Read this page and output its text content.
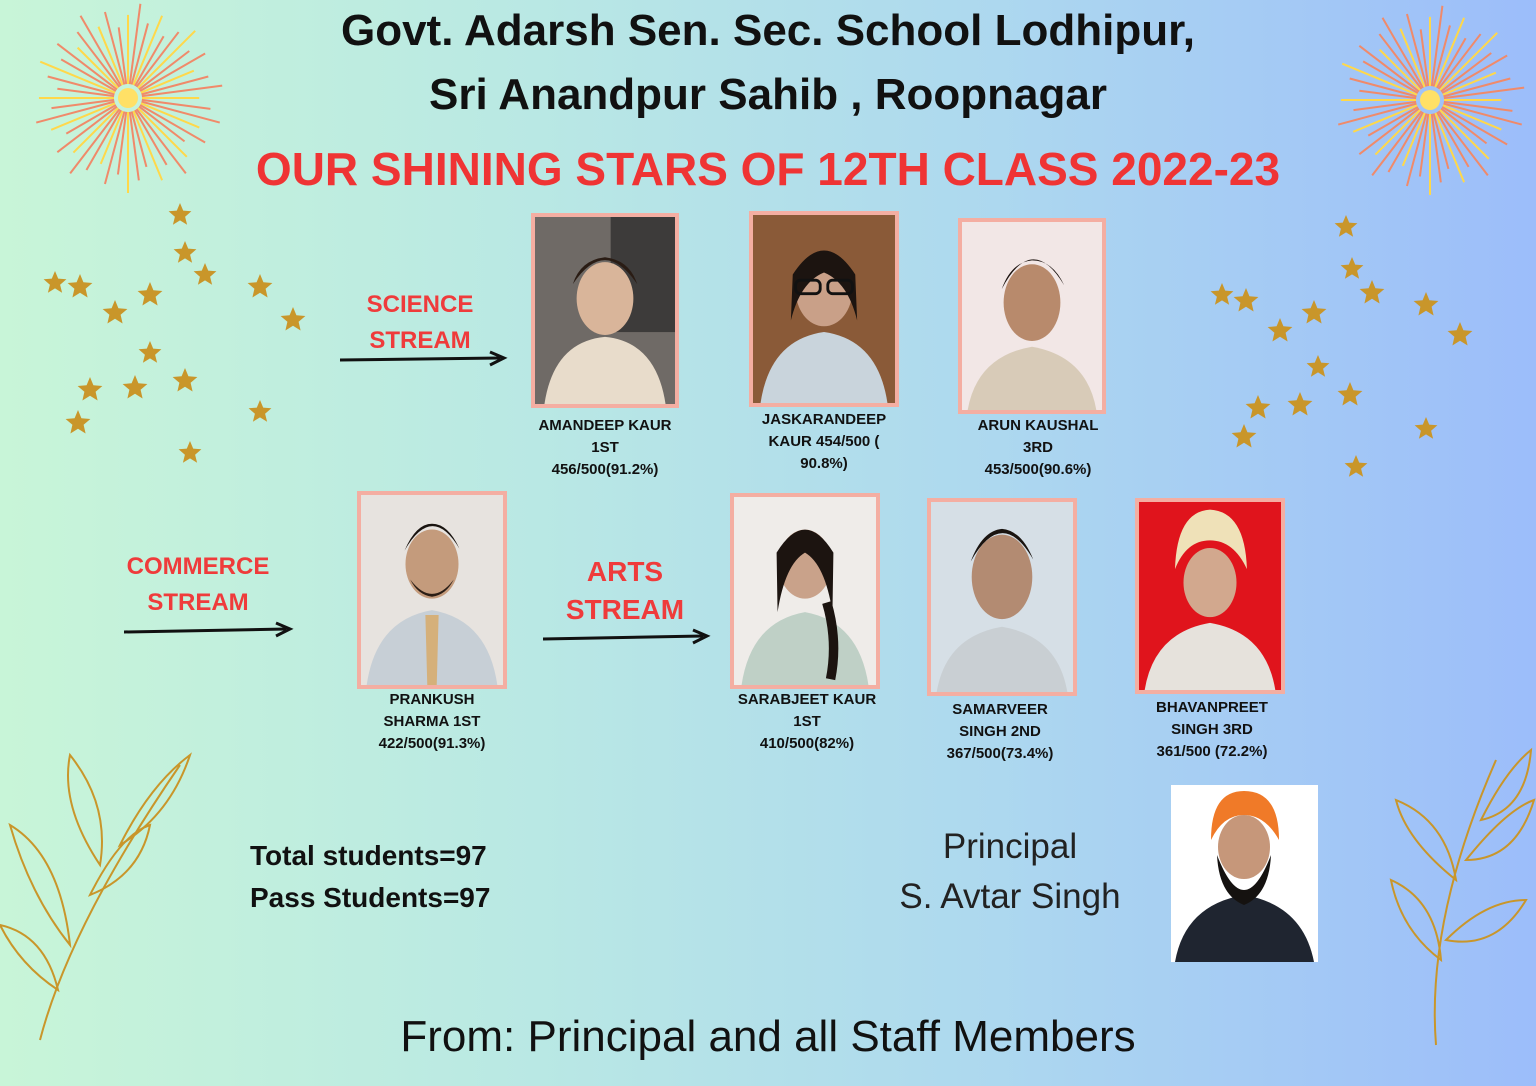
Govt. Adarsh Sen. Sec. School Lodhipur,
Sri Anandpur Sahib , Roopnagar
OUR SHINING STARS OF 12TH CLASS 2022-23
SCIENCE
STREAM
AMANDEEP KAUR
1ST
456/500(91.2%)
JASKARANDEEP
KAUR 454/500 (
90.8%)
ARUN KAUSHAL
3RD
453/500(90.6%)
COMMERCE
STREAM
PRANKUSH
SHARMA 1ST
422/500(91.3%)
ARTS
STREAM
SARABJEET KAUR
1ST
410/500(82%)
SAMARVEER
SINGH 2ND
367/500(73.4%)
BHAVANPREET
SINGH 3RD
361/500 (72.2%)
Total students=97
Pass Students=97
Principal
S. Avtar Singh
From: Principal and all Staff Members
